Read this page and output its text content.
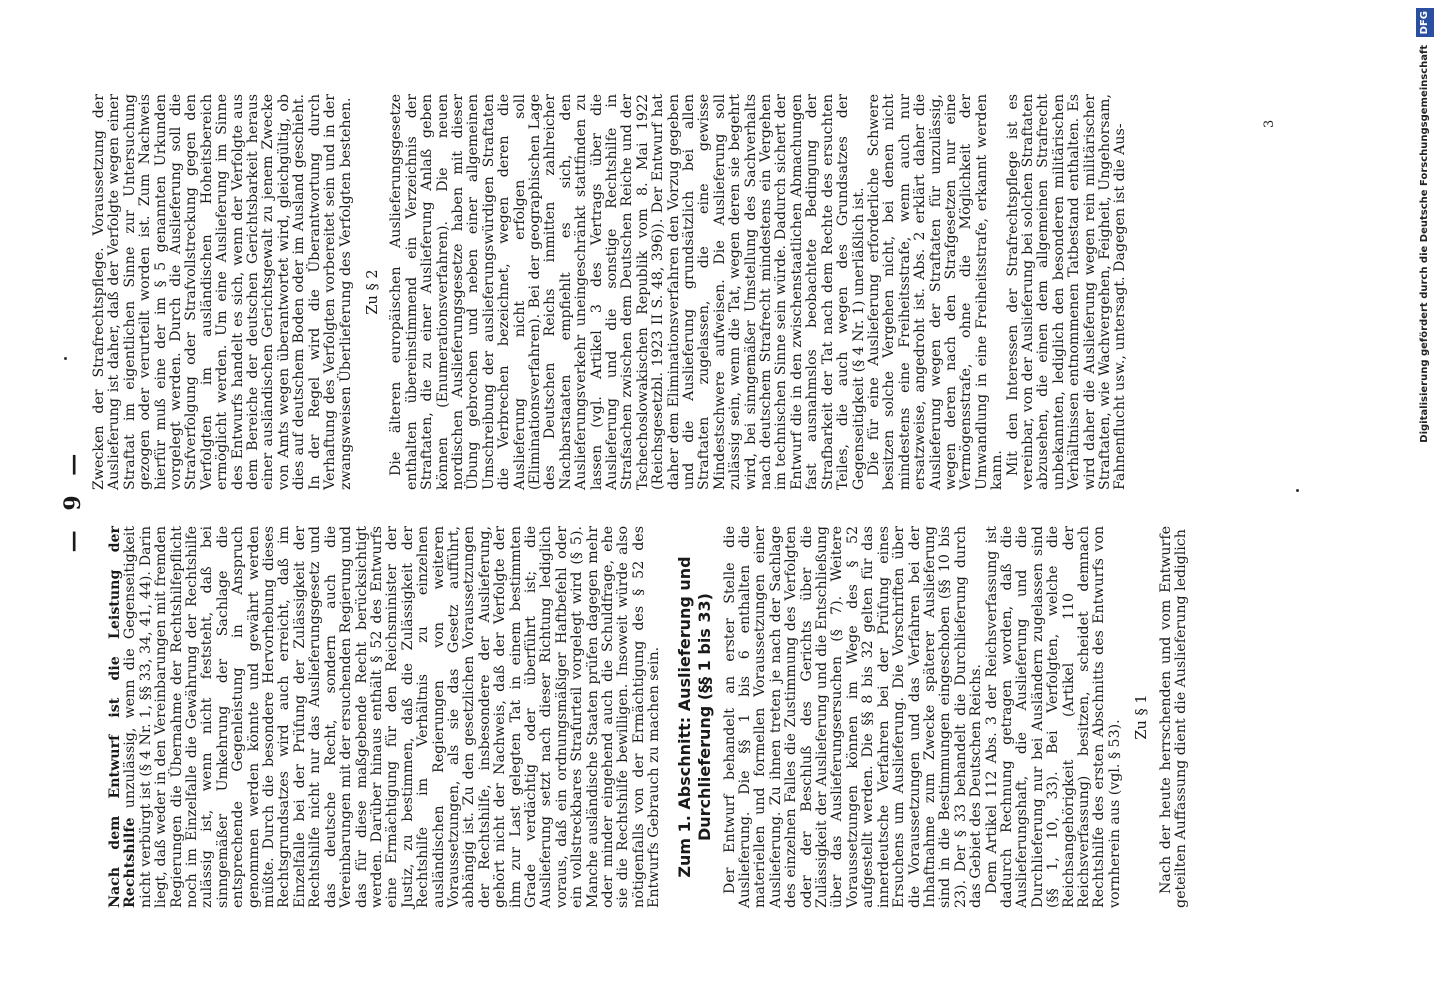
— 9 —

Nach dem Entwurf ist die Leistung der Rechtshilfe unzulässig, wenn die Gegenseitigkeit nicht verbürgt ist (§ 4 Nr. 1, §§ 33, 34, 41, 44). Darin liegt, daß weder in den Vereinbarungen mit fremden Regierungen die Übernahme der Rechtshilfepflicht noch im Einzelfalle die Gewährung der Rechtshilfe zulässig ist, wenn nicht feststeht, daß bei sinngemäßer Umkehrung der Sachlage die entsprechende Gegenleistung in Anspruch genommen werden könnte und gewährt werden müßte. Durch die besondere Hervorhebung dieses Rechtsgrundsatzes wird auch erreicht, daß im Einzelfalle bei der Prüfung der Zulässigkeit der Rechtshilfe nicht nur das Auslieferungsgesetz und das deutsche Recht, sondern auch die Vereinbarungen mit der ersuchenden Regierung und das für diese maßgebende Recht berücksichtigt werden. Darüber hinaus enthält § 52 des Entwurfs eine Ermächtigung für den Reichsminister der Justiz, zu bestimmen, daß die Zulässigkeit der Rechtshilfe im Verhältnis zu einzelnen ausländischen Regierungen von weiteren Voraussetzungen, als sie das Gesetz aufführt, abhängig ist. Zu den gesetzlichen Voraussetzungen der Rechtshilfe, insbesondere der Auslieferung, gehört nicht der Nachweis, daß der Verfolgte der ihm zur Last gelegten Tat in einem bestimmten Grade verdächtig oder überführt ist; die Auslieferung setzt nach dieser Richtung lediglich voraus, daß ein ordnungsmäßiger Haftbefehl oder ein vollstreckbares Strafurteil vorgelegt wird (§ 5). Manche ausländische Staaten prüfen dagegen mehr oder minder eingehend auch die Schuldfrage, ehe sie die Rechtshilfe bewilligen. Insoweit würde also nötigenfalls von der Ermächtigung des § 52 des Entwurfs Gebrauch zu machen sein. Zum 1. Abschnitt: Auslieferung und Durchlieferung (§§ 1 bis 33) Der Entwurf behandelt an erster Stelle die Auslieferung. Die §§ 1 bis 6 enthalten die materiellen und formellen Voraussetzungen einer Auslieferung. Zu ihnen treten je nach der Sachlage des einzelnen Falles die Zustimmung des Verfolgten oder der Beschluß des Gerichts über die Zulässigkeit der Auslieferung und die Entschließung über das Auslieferungsersuchen (§ 7). Weitere Voraussetzungen können im Wege des § 52 aufgestellt werden. Die §§ 8 bis 32 gelten für das innerdeutsche Verfahren bei der Prüfung eines Ersuchens um Auslieferung. Die Vorschriften über die Voraussetzungen und das Verfahren bei der Inhaftnahme zum Zwecke späterer Auslieferung sind in die Bestimmungen eingeschoben (§§ 10 bis 23). Der § 33 behandelt die Durchlieferung durch das Gebiet des Deutschen Reichs. Dem Artikel 112 Abs. 3 der Reichsverfassung ist dadurch Rechnung getragen worden, daß die Auslieferungshaft, die Auslieferung und die Durchlieferung nur bei Ausländern zugelassen sind (§§ 1, 10, 33). Bei Verfolgten, welche die Reichsangehörigkeit (Artikel 110 der Reichsverfassung) besitzen, scheidet demnach Rechtshilfe des ersten Abschnitts des Entwurfs von vornherein aus (vgl. § 53).

Zu § 1 Nach der heute herrschenden und vom Entwurfe geteilten Auffassung dient die Auslieferung lediglich

Zwecken der Strafrechtspflege. Voraussetzung der Auslieferung ist daher, daß der Verfolgte wegen einer Straftat im eigentlichen Sinne zur Untersuchung gezogen oder verurteilt worden ist. Zum Nachweis hierfür muß eine der im § 5 genannten Urkunden vorgelegt werden. Durch die Auslieferung soll die Strafverfolgung oder Strafvollstreckung gegen den Verfolgten im ausländischen Hoheitsbereich ermöglicht werden. Um eine Auslieferung im Sinne des Entwurfs handelt es sich, wenn der Verfolgte aus dem Bereiche der deutschen Gerichtsbarkeit heraus einer ausländischen Gerichtsgewalt zu jenem Zwecke von Amts wegen überantwortet wird, gleichgültig, ob dies auf deutschem Boden oder im Ausland geschieht. In der Regel wird die Überantwortung durch Verhaftung des Verfolgten vorbereitet sein und in der zwangsweisen Überlieferung des Verfolgten bestehen. Zu § 2 Die älteren europäischen Auslieferungsgesetze enthalten übereinstimmend ein Verzeichnis der Straftaten, die zu einer Auslieferung Anlaß geben können (Enumerationsverfahren). Die neuen nordischen Auslieferungsgesetze haben mit dieser Übung gebrochen und neben einer allgemeinen Umschreibung der auslieferungswürdigen Straftaten die Verbrechen bezeichnet, wegen deren die Auslieferung nicht erfolgen soll (Eliminationsverfahren). Bei der geographischen Lage des Deutschen Reichs inmitten zahlreicher Nachbarstaaten empfiehlt es sich, den Auslieferungsverkehr uneingeschränkt stattfinden zu lassen (vgl. Artikel 3 des Vertrags über die Auslieferung und die sonstige Rechtshilfe in Strafsachen zwischen dem Deutschen Reiche und der Tschechoslowakischen Republik vom 8. Mai 1922 (Reichsgesetzbl. 1923 II S. 48, 396)). Der Entwurf hat daher dem Eliminationsverfahren den Vorzug gegeben und die Auslieferung grundsätzlich bei allen Straftaten zugelassen, die eine gewisse Mindestschwere aufweisen. Die Auslieferung soll zulässig sein, wenn die Tat, wegen deren sie begehrt wird, bei sinngemäßer Umstellung des Sachverhalts nach deutschem Strafrecht mindestens ein Vergehen im technischen Sinne sein würde. Dadurch sichert der Entwurf die in den zwischenstaatlichen Abmachungen fast ausnahmslos beobachtete Bedingung der Strafbarkeit der Tat nach dem Rechte des ersuchten Teiles, die auch wegen des Grundsatzes der Gegenseitigkeit (§ 4 Nr. 1) unerläßlich ist. Die für eine Auslieferung erforderliche Schwere besitzen solche Vergehen nicht, bei denen nicht mindestens eine Freiheitsstrafe, wenn auch nur ersatzweise, angedroht ist. Abs. 2 erklärt daher die Auslieferung wegen der Straftaten für unzulässig, wegen deren nach den Strafgesetzen nur eine Vermögensstrafe, ohne die Möglichkeit der Umwandlung in eine Freiheitsstrafe, erkannt werden kann. Mit den Interessen der Strafrechtspflege ist es vereinbar, von der Auslieferung bei solchen Straftaten abzusehen, die einen dem allgemeinen Strafrecht unbekannten, lediglich den besonderen militärischen Verhältnissen entnommenen Tatbestand enthalten. Es wird daher die Auslieferung wegen rein militärischer Straftaten, wie Wachvergehen, Feigheit, Ungehorsam, Fahnenflucht usw., untersagt. Dagegen ist die Aus-	3	Digitalisierung gefördert durch die Deutsche Forschungsgemeinschaft DFG
